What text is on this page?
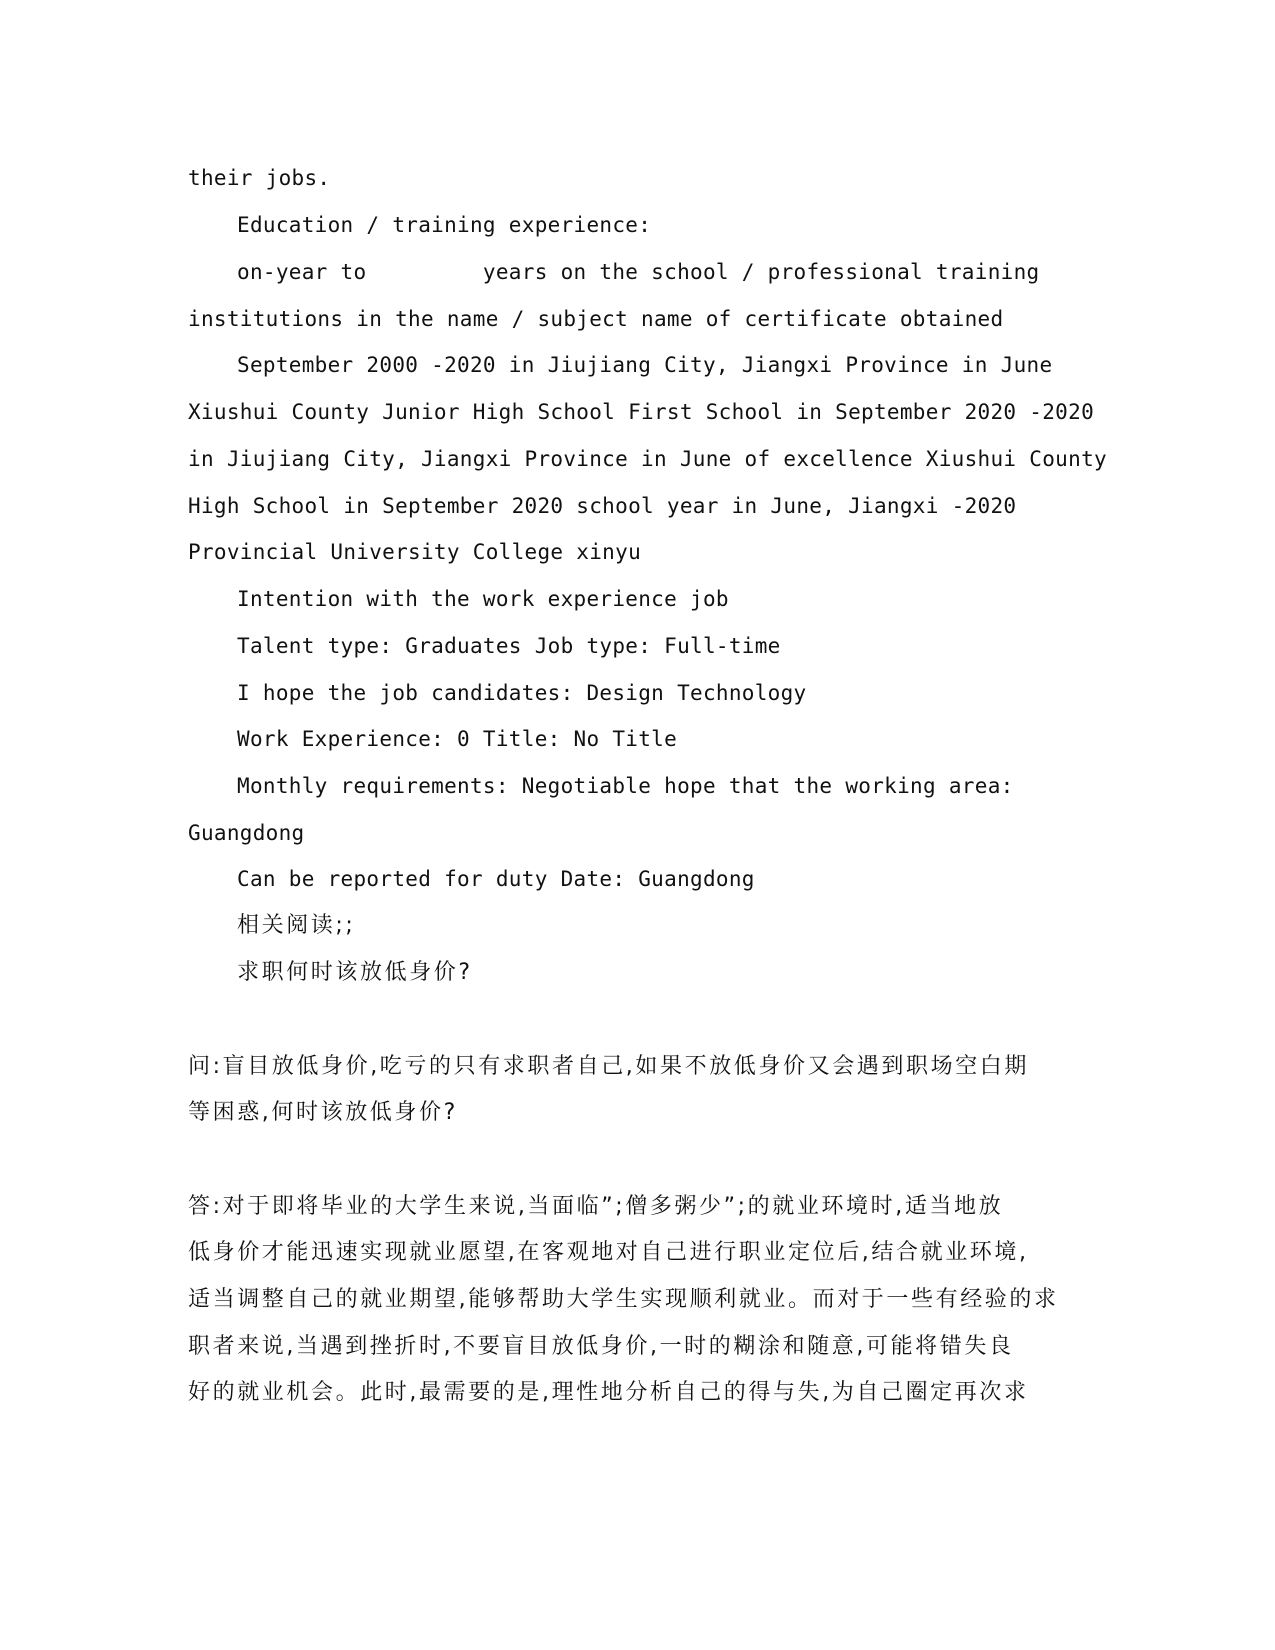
their jobs.
Education / training experience:
on-year to         years on the school / professional training
institutions in the name / subject name of certificate obtained
September 2000 -2020 in Jiujiang City, Jiangxi Province in June
Xiushui County Junior High School First School in September 2020 -2020
in Jiujiang City, Jiangxi Province in June of excellence Xiushui County
High School in September 2020 school year in June, Jiangxi -2020
Provincial University College xinyu
Intention with the work experience job
Talent type: Graduates Job type: Full-time
I hope the job candidates: Design Technology
Work Experience: 0 Title: No Title
Monthly requirements: Negotiable hope that the working area:
Guangdong
Can be reported for duty Date: Guangdong
相关阅读;;
求职何时该放低身价?
问:盲目放低身价,吃亏的只有求职者自己,如果不放低身价又会遇到职场空白期
等困惑,何时该放低身价?
答:对于即将毕业的大学生来说,当面临”;僧多粥少”;的就业环境时,适当地放
低身价才能迅速实现就业愿望,在客观地对自己进行职业定位后,结合就业环境,
适当调整自己的就业期望,能够帮助大学生实现顺利就业。而对于一些有经验的求
职者来说,当遇到挫折时,不要盲目放低身价,一时的糊涂和随意,可能将错失良
好的就业机会。此时,最需要的是,理性地分析自己的得与失,为自己圈定再次求
